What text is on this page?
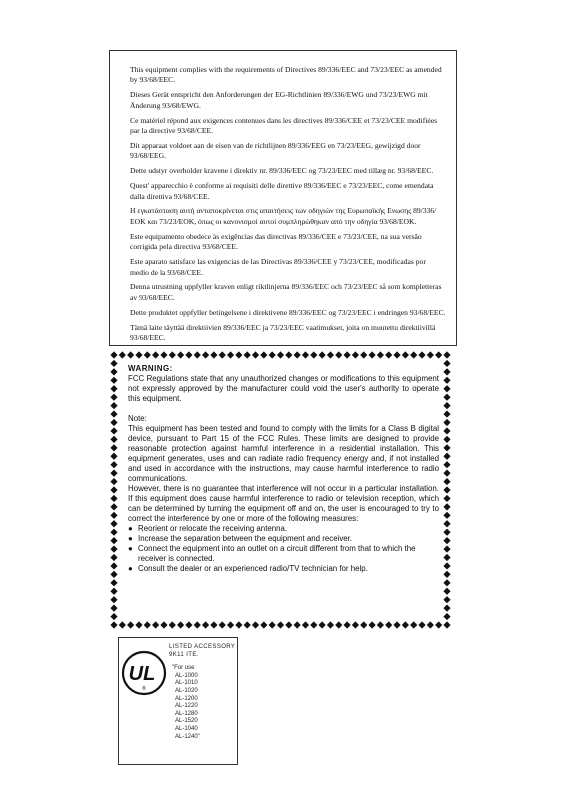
This equipment complies with the requirements of Directives 89/336/EEC and 73/23/EEC as amended by 93/68/EEC.

Dieses Gerät entspricht den Anforderungen der EG-Richtlinien 89/336/EWG und 73/23/EWG mit Änderung 93/68/EWG.

Ce matériel répond aux exigences contenues dans les directives 89/336/CEE et 73/23/CEE modifiées par la directive 93/68/CEE.

Dit apparaat voldoet aan de eisen van de richtlijnen 89/336/EEG en 73/23/EEG, gewijzigd door 93/68/EEG.

Dette udstyr overholder kravene i direktiv nr. 89/336/EEC og 73/23/EEC med tillæg nr. 93/68/EEC.

Quest' apparecchio è conforme ai requisiti delle direttive 89/336/EEC e 73/23/EEC, come emendata dalla direttiva 93/68/CEE.

Η εγκατάσταση αυτή ανταποκρίνεται στις απαιτήσεις των οδηγιών της Ευρωπαϊκής Ενωσης 89/336/ΕΟΚ και 73/23/ΕΟΚ, όπως οι κανονισμοί αυτοί συμπληρώθηκαν από την οδηγία 93/68/ΕΟΚ.

Este equipamento obedece às exigências das directivas 89/336/CEE e 73/23/CEE, na sua versão corrigida pela directiva 93/68/CEE.

Este aparato satisface las exigencias de las Directivas 89/336/CEE y 73/23/CEE, modificadas por medio de la 93/68/CEE.

Denna utrustning uppfyller kraven enligt riktlinjerna 89/336/EEC och 73/23/EEC så som kompletteras av 93/68/EEC.

Dette produktet oppfyller betingelsene i direktivene 89/336/EEC og 73/23/EEC i endringen 93/68/EEC.

Tämä laite täyttää direktiivien 89/336/EEC ja 73/23/EEC vaatimukset, joita on muutettu direktiivillä 93/68/EEC.

WARNING:

FCC Regulations state that any unauthorized changes or modifications to this equipment not expressly approved by the manufacturer could void the user's authority to operate this equipment.

Note:

This equipment has been tested and found to comply with the limits for a Class B digital device, pursuant to Part 15 of the FCC Rules. These limits are designed to provide reasonable protection against harmful interference in a residential installation. This equipment generates, uses and can radiate radio frequency energy and, if not installed and used in accordance with the instructions, may cause harmful interference to radio communications.

However, there is no guarantee that interference will not occur in a particular installation. If this equipment does cause harmful interference to radio or television reception, which can be determined by turning the equipment off and on, the user is encouraged to try to correct the interference by one or more of the following measures:

● Reorient or relocate the receiving antenna.
● Increase the separation between the equipment and receiver.
● Connect the equipment into an outlet on a circuit different from that to which the receiver is connected.
● Consult the dealer or an experienced radio/TV technician for help.
UL
®
LISTED ACCESSORY
9K11 ITE.
"For use
AL-1000
AL-1010
AL-1020
AL-1200
AL-1220
AL-1280
AL-1520
AL-1040
AL-1240"
